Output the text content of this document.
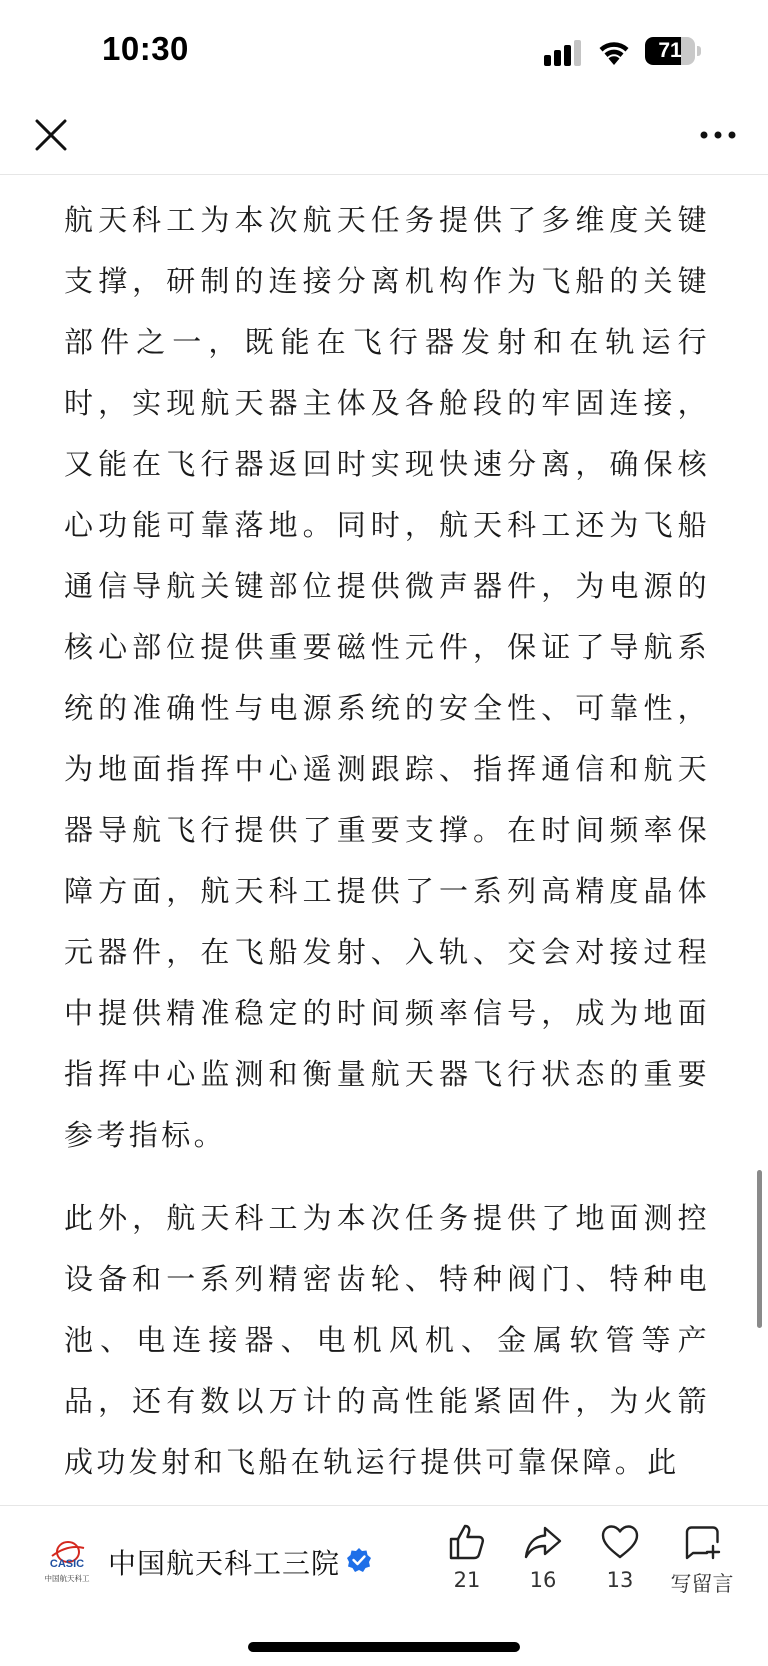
10:30	71

航天科工为本次航天任务提供了多维度关键支撑，研制的连接分离机构作为飞船的关键部件之一，既能在飞行器发射和在轨运行时，实现航天器主体及各舱段的牢固连接，又能在飞行器返回时实现快速分离，确保核心功能可靠落地。同时，航天科工还为飞船通信导航关键部位提供微声器件，为电源的核心部位提供重要磁性元件，保证了导航系统的准确性与电源系统的安全性、可靠性，为地面指挥中心遥测跟踪、指挥通信和航天器导航飞行提供了重要支撑。在时间频率保障方面，航天科工提供了一系列高精度晶体元器件，在飞船发射、入轨、交会对接过程中提供精准稳定的时间频率信号，成为地面指挥中心监测和衡量航天器飞行状态的重要参考指标。

此外，航天科工为本次任务提供了地面测控设备和一系列精密齿轮、特种阀门、特种电池、电连接器、电机风机、金属软管等产品，还有数以万计的高性能紧固件，为火箭成功发射和飞船在轨运行提供可靠保障。此

CASIC
中国航天科工 中国航天科工三院	21	16	13	写留言
